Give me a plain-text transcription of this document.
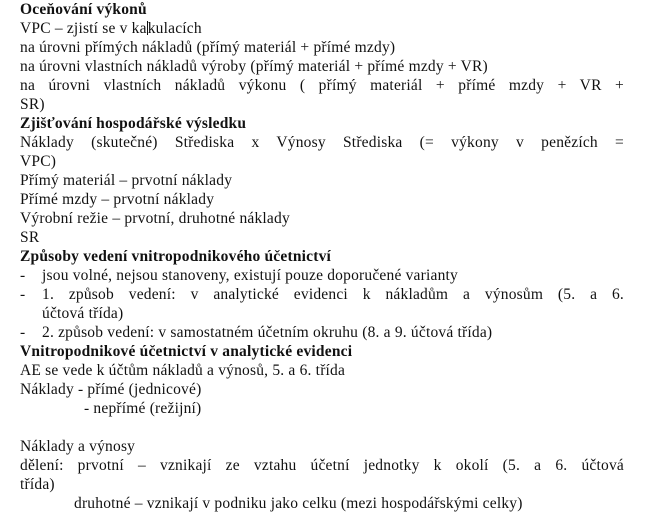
Oceňování výkonů
VPC – zjistí se v kakulacích
na úrovni přímých nákladů (přímý materiál + přímé mzdy)
na úrovni vlastních nákladů výroby (přímý materiál + přímé mzdy + VR)
na úrovni vlastních nákladů výkonu ( přímý materiál + přímé mzdy + VR +
SR)
Zjišťování hospodářské výsledku
Náklady (skutečné) Střediska x Výnosy Střediska (= výkony v penězích =
VPC)
Přímý materiál – prvotní náklady
Přímé mzdy – prvotní náklady
Výrobní režie – prvotní, druhotné náklady
SR
Způsoby vedení vnitropodnikového účetnictví
- jsou volné, nejsou stanoveny, existují pouze doporučené varianty
- 1. způsob vedení: v analytické evidenci k nákladům a výnosům (5. a 6.
účtová třída)
- 2. způsob vedení: v samostatném účetním okruhu (8. a 9. účtová třída)
Vnitropodnikové účetnictví v analytické evidenci
AE se vede k účtům nákladů a výnosů, 5. a 6. třída
Náklady - přímé (jednicové)
- nepřímé (režijní)
Náklady a výnosy
dělení: prvotní – vznikají ze vztahu účetní jednotky k okolí (5. a 6. účtová
třída)
druhotné – vznikají v podniku jako celku (mezi hospodářskými celky)
